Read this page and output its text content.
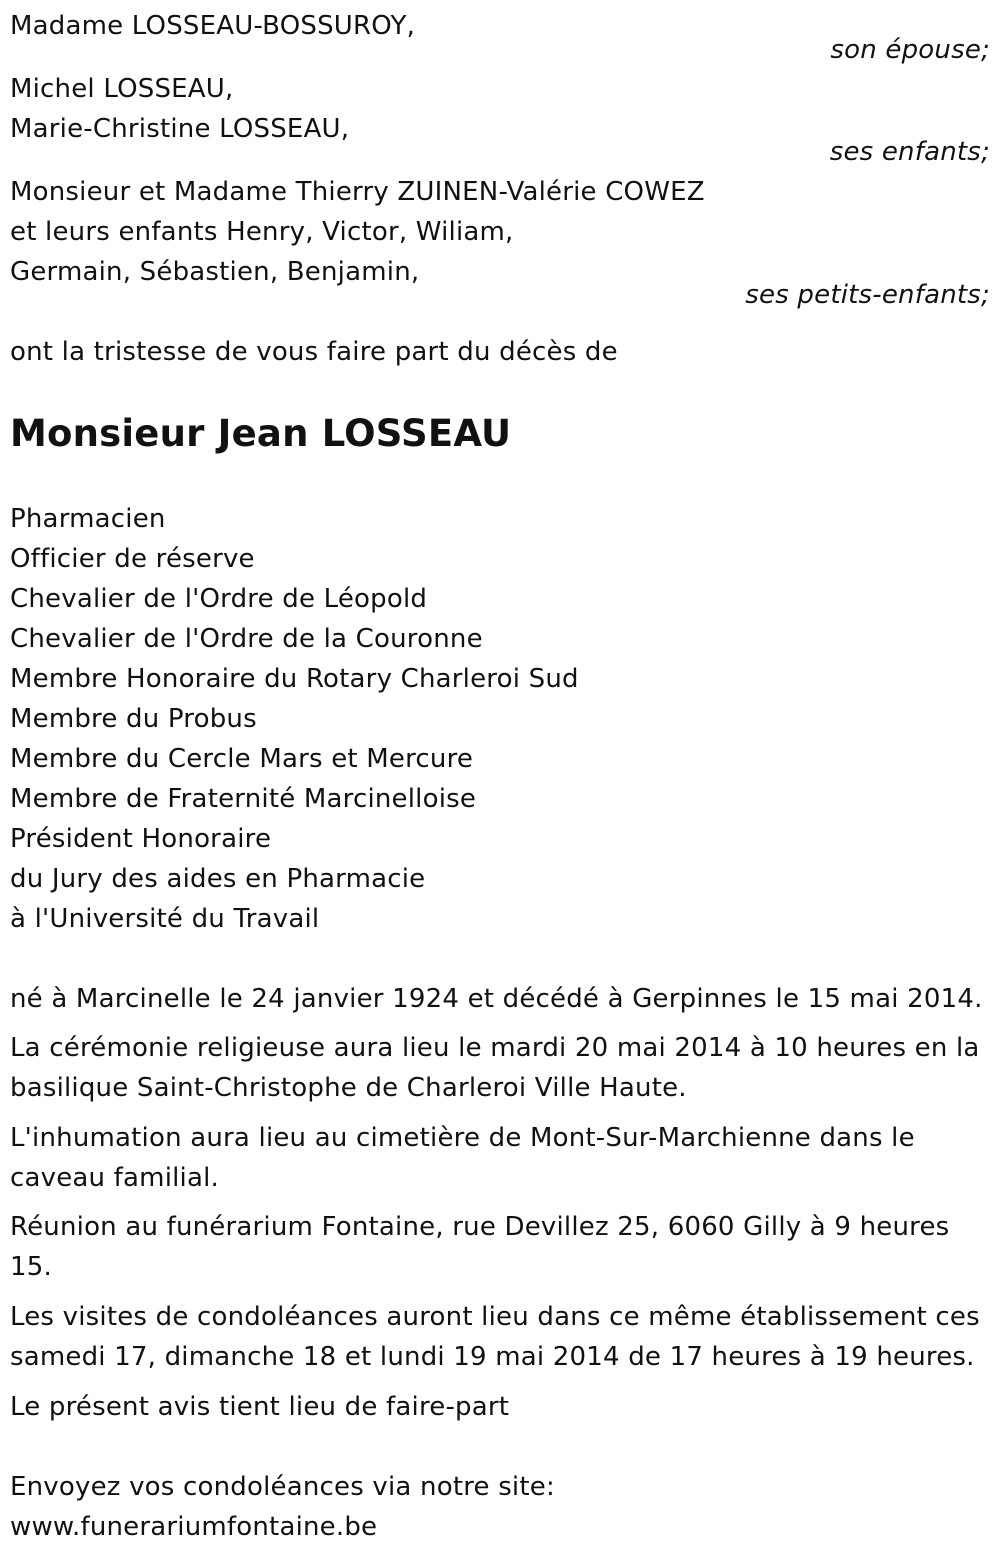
Madame LOSSEAU-BOSSUROY,

son épouse;

Michel LOSSEAU,

Marie-Christine LOSSEAU,

ses enfants;

Monsieur et Madame Thierry ZUINEN-Valérie COWEZ

et leurs enfants Henry, Victor, Wiliam,

Germain, Sébastien, Benjamin,

ses petits-enfants;

ont la tristesse de vous faire part du décès de

Monsieur Jean LOSSEAU

Pharmacien

Officier de réserve

Chevalier de l'Ordre de Léopold

Chevalier de l'Ordre de la Couronne

Membre Honoraire du Rotary Charleroi Sud

Membre du Probus

Membre du Cercle Mars et Mercure

Membre de Fraternité Marcinelloise

Président Honoraire

du Jury des aides en Pharmacie

à l'Université du Travail

né à Marcinelle le 24 janvier 1924 et décédé à Gerpinnes le 15 mai 2014.

La cérémonie religieuse aura lieu le mardi 20 mai 2014 à 10 heures en la basilique Saint-Christophe de Charleroi Ville Haute.

L'inhumation aura lieu au cimetière de Mont-Sur-Marchienne dans le caveau familial.

Réunion au funérarium Fontaine, rue Devillez 25, 6060 Gilly à 9 heures 15.

Les visites de condoléances auront lieu dans ce même établissement ces samedi 17, dimanche 18 et lundi 19 mai 2014 de 17 heures à 19 heures.

Le présent avis tient lieu de faire-part

Envoyez vos condoléances via notre site:

www.funerariumfontaine.be
